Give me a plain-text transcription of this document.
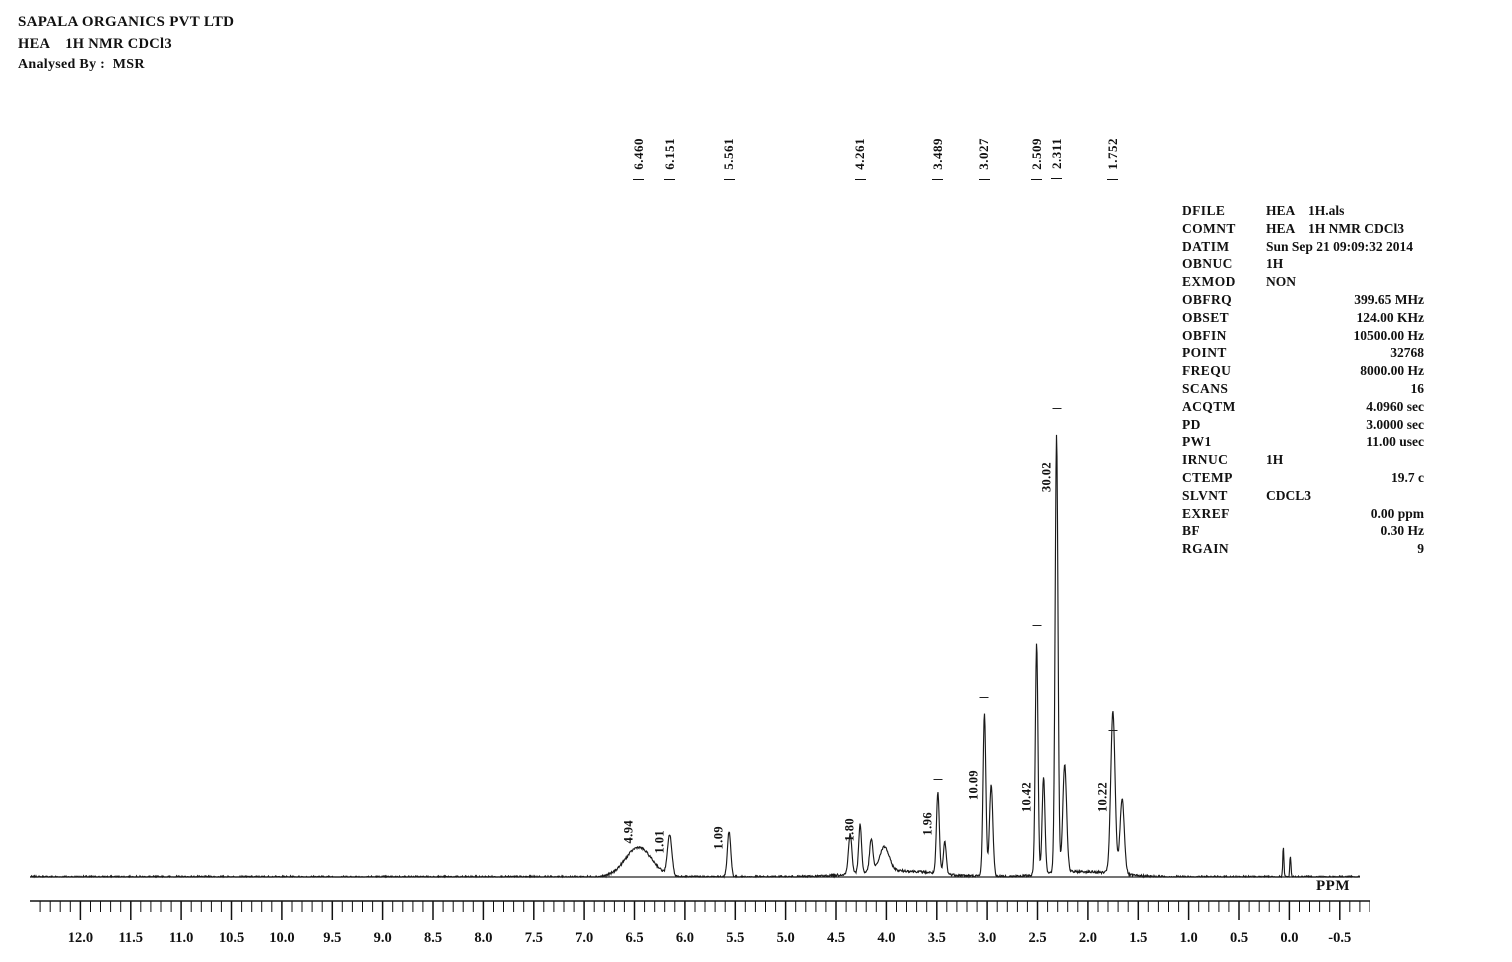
SAPALA ORGANICS PVT LTD
HEA    1H NMR CDCl3
Analysed By :  MSR
6.460 6.151	5.561	4.261	3.489 3.027	2.509 2.311	1.752
4.94 1.01	1.09	1.80	1.96
10.09	10.42
30.02
10.22
DFILE	HEA    1H.als
COMNT HEA    1H NMR CDCl3
DATIM	Sun Sep 21 09:09:32 2014
OBNUC 1H
EXMOD NON
OBFRQ	399.65 MHz
OBSET	124.00 KHz
OBFIN	10500.00 Hz
POINT	32768
FREQU	8000.00 Hz
SCANS	16
ACQTM	4.0960 sec
PD	3.0000 sec
PW1	11.00 usec
IRNUC	1H
CTEMP	19.7 c
SLVNT	CDCL3
EXREF	0.00 ppm
BF	0.30 Hz
RGAIN	9
PPM
12.0 11.5 11.0 10.5 10.0 9.5 9.0 8.5 8.0 7.5 7.0 6.5 6.0 5.5 5.0 4.5 4.0 3.5 3.0 2.5 2.0 1.5 1.0 0.5 0.0 -0.5
